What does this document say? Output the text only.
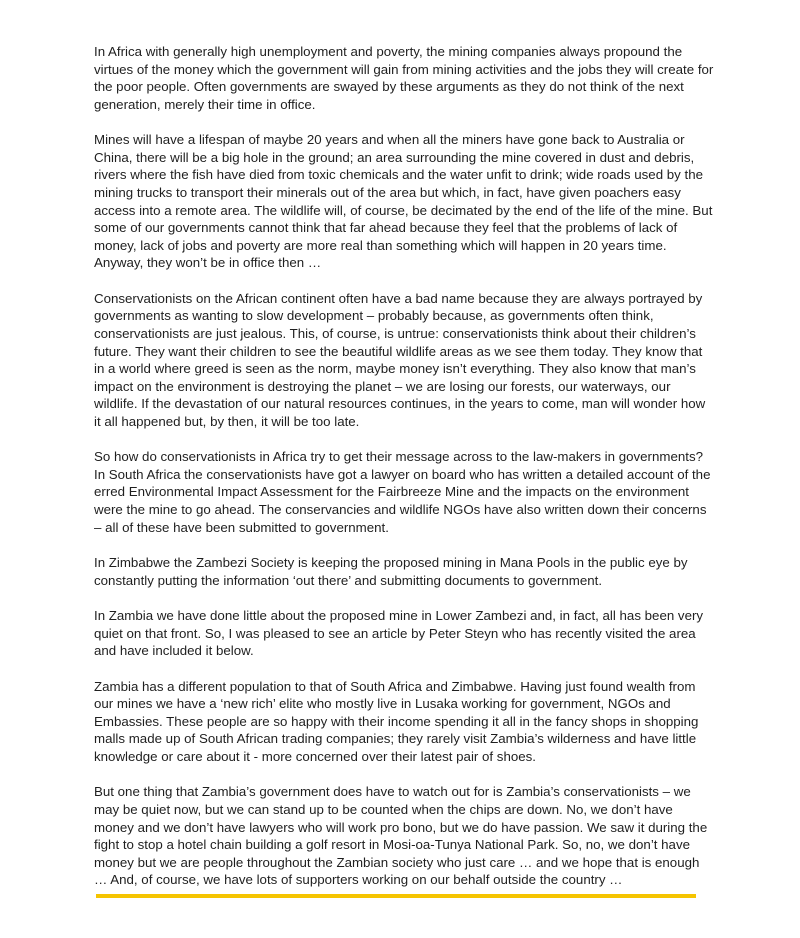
In Africa with generally high unemployment and poverty, the mining companies always propound the virtues of the money which the government will gain from mining activities and the jobs they will create for the poor people. Often governments are swayed by these arguments as they do not think of the next generation, merely their time in office.

Mines will have a lifespan of maybe 20 years and when all the miners have gone back to Australia or China, there will be a big hole in the ground; an area surrounding the mine covered in dust and debris, rivers where the fish have died from toxic chemicals and the water unfit to drink; wide roads used by the mining trucks to transport their minerals out of the area but which, in fact, have given poachers easy access into a remote area. The wildlife will, of course, be decimated by the end of the life of the mine. But some of our governments cannot think that far ahead because they feel that the problems of lack of money, lack of jobs and poverty are more real than something which will happen in 20 years time. Anyway, they won’t be in office then …

Conservationists on the African continent often have a bad name because they are always portrayed by governments as wanting to slow development – probably because, as governments often think, conservationists are just jealous. This, of course, is untrue: conservationists think about their children’s future. They want their children to see the beautiful wildlife areas as we see them today. They know that in a world where greed is seen as the norm, maybe money isn’t everything. They also know that man’s impact on the environment is destroying the planet – we are losing our forests, our waterways, our wildlife. If the devastation of our natural resources continues, in the years to come, man will wonder how it all happened but, by then, it will be too late.

So how do conservationists in Africa try to get their message across to the law-makers in governments? In South Africa the conservationists have got a lawyer on board who has written a detailed account of the erred Environmental Impact Assessment for the Fairbreeze Mine and the impacts on the environment were the mine to go ahead. The conservancies and wildlife NGOs have also written down their concerns – all of these have been submitted to government.

In Zimbabwe the Zambezi Society is keeping the proposed mining in Mana Pools in the public eye by constantly putting the information ‘out there’ and submitting documents to government.

In Zambia we have done little about the proposed mine in Lower Zambezi and, in fact, all has been very quiet on that front. So, I was pleased to see an article by Peter Steyn who has recently visited the area and have included it below.

Zambia has a different population to that of South Africa and Zimbabwe. Having just found wealth from our mines we have a ‘new rich’ elite who mostly live in Lusaka working for government, NGOs and Embassies. These people are so happy with their income spending it all in the fancy shops in shopping malls made up of South African trading companies; they rarely visit Zambia’s wilderness and have little knowledge or care about it - more concerned over their latest pair of shoes.

But one thing that Zambia’s government does have to watch out for is Zambia’s conservationists – we may be quiet now, but we can stand up to be counted when the chips are down. No, we don’t have money and we don’t have lawyers who will work pro bono, but we do have passion. We saw it during the fight to stop a hotel chain building a golf resort in Mosi-oa-Tunya National Park. So, no, we don’t have money but we are people throughout the Zambian society who just care … and we hope that is enough … And, of course, we have lots of supporters working on our behalf outside the country …
